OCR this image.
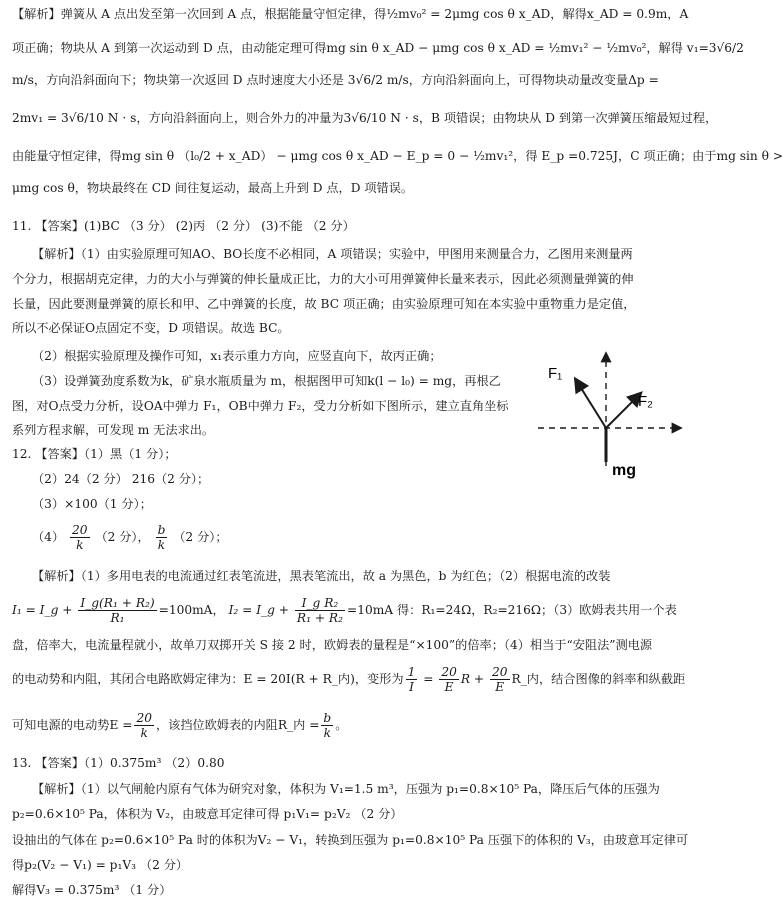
【解析】弹簧从 A 点出发至第一次回到 A 点，根据能量守恒定律，得½mv₀² = 2μmg cos θ x_AD，解得x_AD = 0.9m，A
项正确；物块从 A 到第一次运动到 D 点，由动能定理可得mg sin θ x_AD − μmg cos θ x_AD = ½mv₁² − ½mv₀²，解得 v₁=3√6/2
m/s，方向沿斜面向下；物块第一次返回 D 点时速度大小还是 3√6/2 m/s，方向沿斜面向上，可得物块动量改变量Δp =
2mv₁ = 3√6/10 N · s，方向沿斜面向上，则合外力的冲量为3√6/10 N · s，B 项错误；由物块从 D 到第一次弹簧压缩最短过程，
由能量守恒定律，得mg sin θ （l₀/2 + x_AD） − μmg cos θ x_AD − E_p = 0 − ½mv₁²，得 E_p =0.725J，C 项正确；由于mg sin θ >
μmg cos θ，物块最终在 CD 间往复运动，最高上升到 D 点，D 项错误。
11. 【答案】(1)BC （3 分） (2)丙 （2 分） (3)不能 （2 分）
【解析】（1）由实验原理可知AO、BO长度不必相同，A 项错误；实验中，甲图用来测量合力，乙图用来测量两
个分力，根据胡克定律，力的大小与弹簧的伸长量成正比，力的大小可用弹簧伸长量来表示，因此必须测量弹簧的伸
长量，因此要测量弹簧的原长和甲、乙中弹簧的长度，故 BC 项正确；由实验原理可知在本实验中重物重力是定值，
所以不必保证O点固定不变，D 项错误。故选 BC。
（2）根据实验原理及操作可知，x₁表示重力方向，应竖直向下，故丙正确；
（3）设弹簧劲度系数为k，矿泉水瓶质量为 m，根据图甲可知k(l − l₀) = mg，再根乙
图，对O点受力分析，设OA中弹力 F₁，OB中弹力 F₂，受力分析如下图所示，建立直角坐标
系列方程求解，可发现 m 无法求出。
F₁
F₂
mg
12. 【答案】（1）黑（1 分）；
（2）24（2 分） 216（2 分）；
（3）×100（1 分）；
$(4) \frac{20}{k} (2$ 分）， $\frac{b}{k} (2$ 分）；
【解析】（1）多用电表的电流通过红表笔流进，黑表笔流出，故 a 为黑色，b 为红色；（2）根据电流的改装
I₁ = I_g + $\frac{\text{I\_g(R₁ + R₂)}}{\text{R₁}} =100mA$， I₂ = I_g + $\frac{\text{I\_g R₂}}{\text{R₁ + R₂}} =10mA$ 得：R₁=24Ω，R₂=216Ω；（3）欧姆表共用一个表
盘，倍率大，电流量程就小，故单刀双掷开关 S 接 2 时，欧姆表的量程是“×100”的倍率；（4）相当于“安阻法”测电源
的电动势和内阻，其闭合电路欧姆定律为：E = 20I(R + R_内)，变形为 $\frac{1}{I} = \frac{20}{E}$ $R + \frac{20}{E}$ R_内，结合图像的斜率和纵截距
可知电源的电动势$E = \frac{20}{k}$ ，该挡位欧姆表的内阻R_内 = $\frac{b}{k}$ 。
13. 【答案】（1）0.375m³ （2）0.80
【解析】（1）以气闸舱内原有气体为研究对象，体积为 V₁=1.5 m³，压强为 p₁=0.8×10⁵ Pa，降压后气体的压强为
p₂=0.6×10⁵ Pa，体积为 V₂，由玻意耳定律可得 p₁V₁= p₂V₂ （2 分）
设抽出的气体在 p₂=0.6×10⁵ Pa 时的体积为V₂ − V₁，转换到压强为 p₁=0.8×10⁵ Pa 压强下的体积的 V₃，由玻意耳定律可
得p₂(V₂ − V₁) = p₁V₃ （2 分）
解得V₃ = 0.375m³ （1 分）
